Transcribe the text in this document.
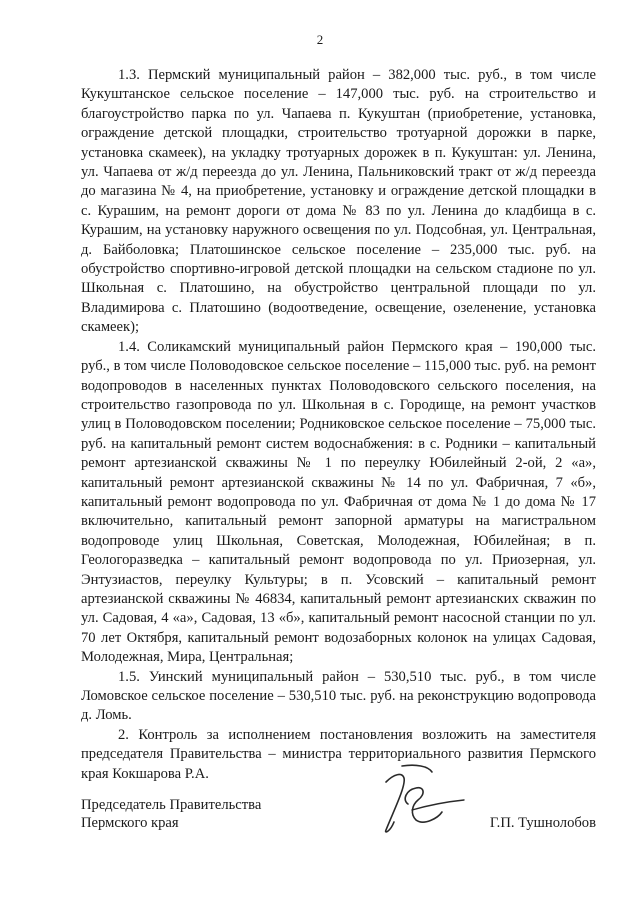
2

1.3. Пермский муниципальный район – 382,000 тыс. руб., в том числе Кукуштанское сельское поселение – 147,000 тыс. руб. на строительство и благоустройство парка по ул. Чапаева п. Кукуштан (приобретение, установка, ограждение детской площадки, строительство тротуарной дорожки в парке, установка скамеек), на укладку тротуарных дорожек в п. Кукуштан: ул. Ленина, ул. Чапаева от ж/д переезда до ул. Ленина, Пальниковский тракт от ж/д переезда до магазина № 4, на приобретение, установку и ограждение детской площадки в с. Курашим, на ремонт дороги от дома № 83 по ул. Ленина до кладбища в с. Курашим, на установку наружного освещения по ул. Подсобная, ул. Центральная, д. Байболовка; Платошинское сельское поселение – 235,000 тыс. руб. на обустройство спортивно-игровой детской площадки на сельском стадионе по ул. Школьная с. Платошино, на обустройство центральной площади по ул. Владимирова с. Платошино (водоотведение, освещение, озеленение, установка скамеек);

1.4. Соликамский муниципальный район Пермского края – 190,000 тыс. руб., в том числе Половодовское сельское поселение – 115,000 тыс. руб. на ремонт водопроводов в населенных пунктах Половодовского сельского поселения, на строительство газопровода по ул. Школьная в с. Городище, на ремонт участков улиц в Половодовском поселении; Родниковское сельское поселение – 75,000 тыс. руб. на капитальный ремонт систем водоснабжения: в с. Родники – капитальный ремонт артезианской скважины № 1 по переулку Юбилейный 2-ой, 2 «а», капитальный ремонт артезианской скважины № 14 по ул. Фабричная, 7 «б», капитальный ремонт водопровода по ул. Фабричная от дома № 1 до дома № 17 включительно, капитальный ремонт запорной арматуры на магистральном водопроводе улиц Школьная, Советская, Молодежная, Юбилейная; в п. Геологоразведка – капитальный ремонт водопровода по ул. Приозерная, ул. Энтузиастов, переулку Культуры; в п. Усовский – капитальный ремонт артезианской скважины № 46834, капитальный ремонт артезианских скважин по ул. Садовая, 4 «а», Садовая, 13 «б», капитальный ремонт насосной станции по ул. 70 лет Октября, капитальный ремонт водозаборных колонок на улицах Садовая, Молодежная, Мира, Центральная;

1.5. Уинский муниципальный район – 530,510 тыс. руб., в том числе Ломовское сельское поселение – 530,510 тыс. руб. на реконструкцию водопровода д. Ломь.

2. Контроль за исполнением постановления возложить на заместителя председателя Правительства – министра территориального развития Пермского края Кокшарова Р.А.

Председатель Правительства
Пермского края	Г.П. Тушнолобов
